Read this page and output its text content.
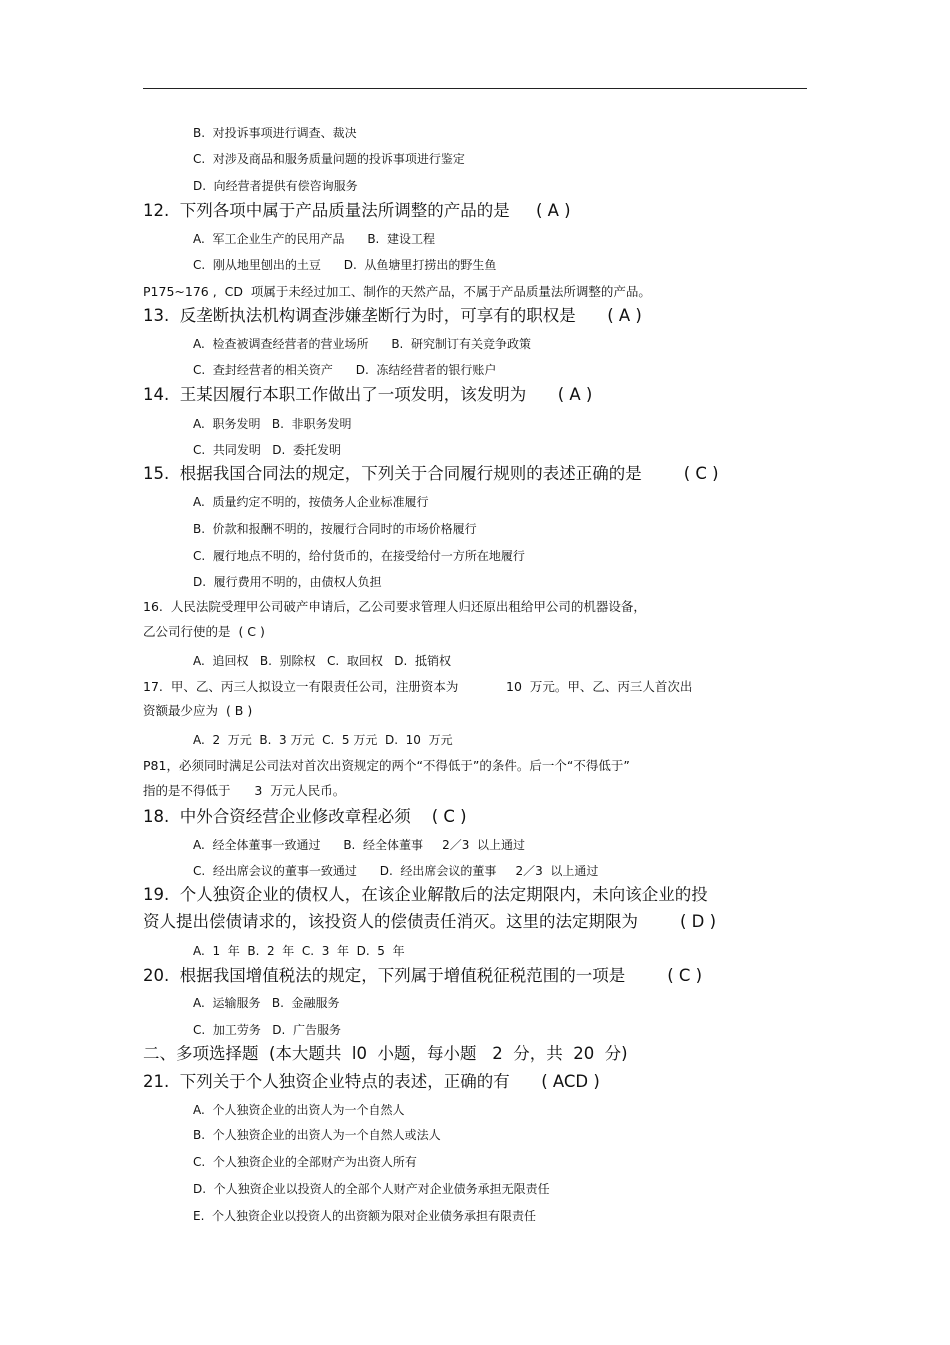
B.  对投诉事项进行调查、裁决
C.  对涉及商品和服务质量问题的投诉事项进行鉴定
D.  向经营者提供有偿咨询服务
12.  下列各项中属于产品质量法所调整的产品的是     ( A )
A.  军工企业生产的民用产品      B.  建设工程
C.  刚从地里刨出的土豆      D.  从鱼塘里打捞出的野生鱼
P175~176 ,  CD  项属于未经过加工、制作的天然产品，不属于产品质量法所调整的产品。
13.  反垄断执法机构调查涉嫌垄断行为时，可享有的职权是      ( A )
A.  检查被调查经营者的营业场所      B.  研究制订有关竞争政策
C.  查封经营者的相关资产      D.  冻结经营者的银行账户
14.  王某因履行本职工作做出了一项发明，该发明为      ( A )
A.  职务发明   B.  非职务发明
C.  共同发明   D.  委托发明
15.  根据我国合同法的规定，下列关于合同履行规则的表述正确的是        ( C )
A.  质量约定不明的，按债务人企业标准履行
B.  价款和报酬不明的，按履行合同时的市场价格履行
C.  履行地点不明的，给付货币的，在接受给付一方所在地履行
D.  履行费用不明的，由债权人负担
16.  人民法院受理甲公司破产申请后，乙公司要求管理人归还原出租给甲公司的机器设备，
乙公司行使的是  ( C )
A.  追回权   B.  别除权   C.  取回权   D.  抵销权
17.  甲、乙、丙三人拟设立一有限责任公司，注册资本为            10  万元。甲、乙、丙三人首次出
资额最少应为  ( B )
A.  2  万元  B.  3 万元  C.  5 万元  D.  10  万元
P81，必须同时满足公司法对首次出资规定的两个“不得低于”的条件。后一个“不得低于”
指的是不得低于      3  万元人民币。
18.  中外合资经营企业修改章程必须    ( C )
A.  经全体董事一致通过      B.  经全体董事     2／3  以上通过
C.  经出席会议的董事一致通过      D.  经出席会议的董事     2／3  以上通过
19.  个人独资企业的债权人，在该企业解散后的法定期限内，未向该企业的投
资人提出偿债请求的，该投资人的偿债责任消灭。这里的法定期限为        ( D )
A.  1  年  B.  2  年  C.  3  年  D.  5  年
20.  根据我国增值税法的规定，下列属于增值税征税范围的一项是        ( C )
A.  运输服务   B.  金融服务
C.  加工劳务   D.  广告服务
二、多项选择题  (本大题共  l0  小题，每小题   2  分，共  20  分)
21.  下列关于个人独资企业特点的表述，正确的有      ( ACD )
A.  个人独资企业的出资人为一个自然人
B.  个人独资企业的出资人为一个自然人或法人
C.  个人独资企业的全部财产为出资人所有
D.  个人独资企业以投资人的全部个人财产对企业债务承担无限责任
E.  个人独资企业以投资人的出资额为限对企业债务承担有限责任
